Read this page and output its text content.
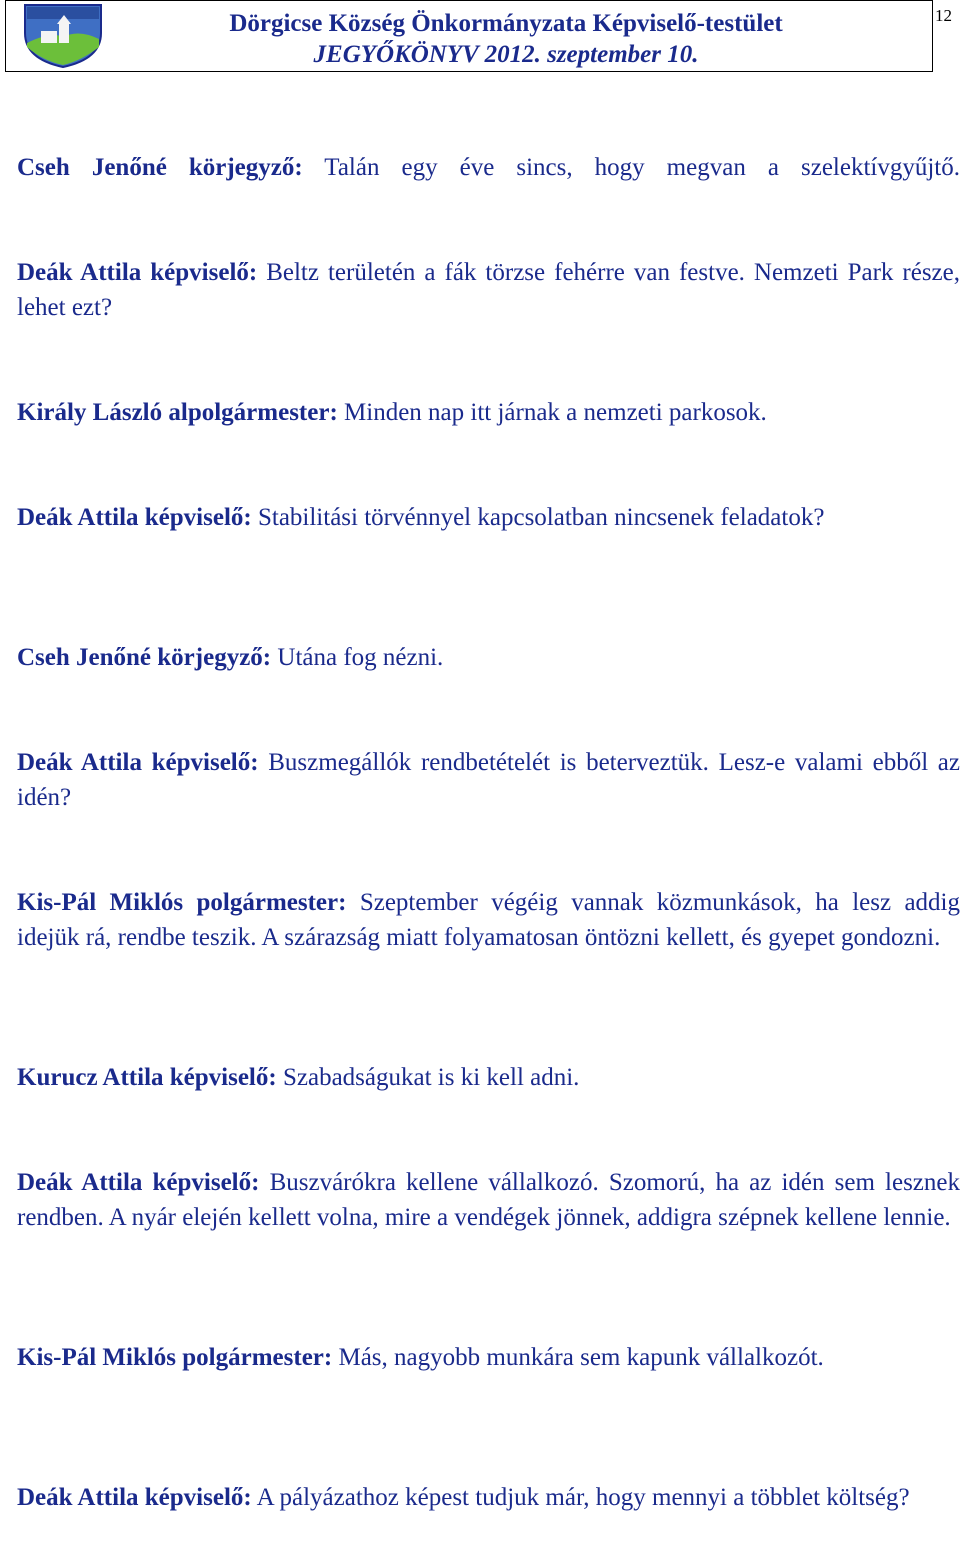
Dörgicse Község Önkormányzata Képviselő-testület
JEGYŐKÖNYV 2012. szeptember 10.
12
Cseh Jenőné körjegyző: Talán egy éve sincs, hogy megvan a szelektívgyűjtő.
Deák Attila képviselő: Beltz területén a fák törzse fehérre van festve. Nemzeti Park része, lehet ezt?
Király László alpolgármester: Minden nap itt járnak a nemzeti parkosok.
Deák Attila képviselő: Stabilitási törvénnyel kapcsolatban nincsenek feladatok?
Cseh Jenőné körjegyző: Utána fog nézni.
Deák Attila képviselő: Buszmegállók rendbetételét is beterveztük. Lesz-e valami ebből az idén?
Kis-Pál Miklós polgármester: Szeptember végéig vannak közmunkások, ha lesz addig idejük rá, rendbe teszik. A szárazság miatt folyamatosan öntözni kellett, és gyepet gondozni.
Kurucz Attila képviselő: Szabadságukat is ki kell adni.
Deák Attila képviselő: Buszvárókra kellene vállalkozó. Szomorú, ha az idén sem lesznek rendben. A nyár elején kellett volna, mire a vendégek jönnek, addigra szépnek kellene lennie.
Kis-Pál Miklós polgármester: Más, nagyobb munkára sem kapunk vállalkozót.
Deák Attila képviselő: A pályázathoz képest tudjuk már, hogy mennyi a többlet költség?
